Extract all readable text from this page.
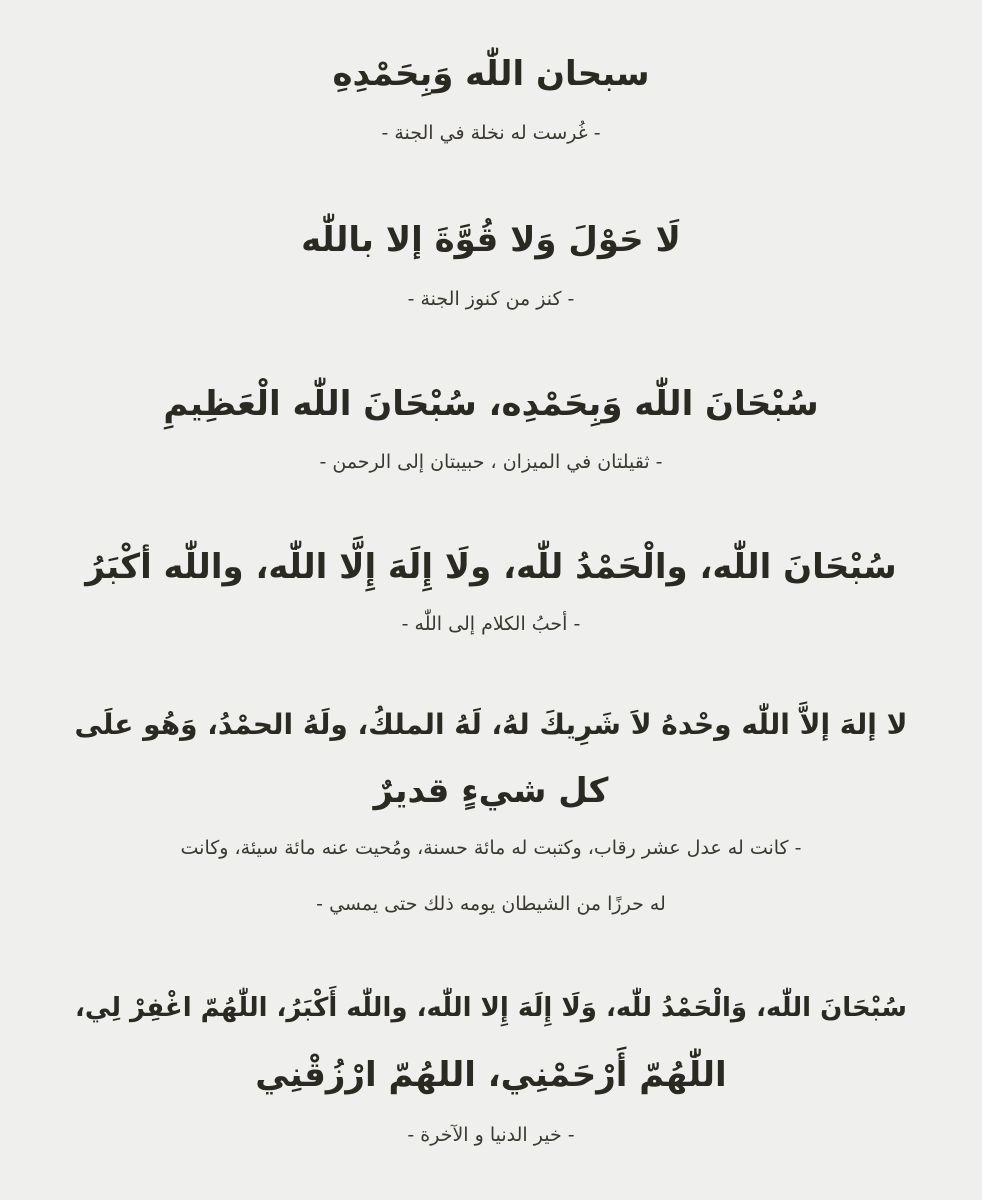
سبحان اللّٰه وَبِحَمْدِهِ
- غُرست له نخلة في الجنة -
لَا حَوْلَ وَلا قُوَّةَ إلا باللّٰه
- كنز من كنوز الجنة -
سُبْحَانَ اللّٰه وَبِحَمْدِه، سُبْحَانَ اللّٰه الْعَظِيمِ
- ثقيلتان في الميزان ، حبيبتان إلى الرحمن -
سُبْحَانَ اللّٰه، والْحَمْدُ للّٰه، ولَا إِلَهَ إِلَّا اللّٰه، واللّٰه أكْبَرُ
- أحبُ الكلام إلى اللّٰه -
لا إلهَ إلاَّ اللّٰه وحْدهُ لاَ شَرِيكَ لهُ، لَهُ الملكُ، ولَهُ الحمْدُ، وَهُو علَى
كل شيءٍ قديرٌ
- كانت له عدل عشر رقاب، وكتبت له مائة حسنة، ومُحيت عنه مائة سيئة، وكانت
له حرزًا من الشيطان يومه ذلك حتى يمسي -
سُبْحَانَ اللّٰه، وَالْحَمْدُ للّٰه، وَلَا إِلَهَ إِلا اللّٰه، واللّٰه أَكْبَرُ، اللّٰهُمّ اغْفِرْ لِي،
اللّٰهُمّ أَرْحَمْنِي، اللهُمّ ارْزُقْنِي
- خير الدنيا و الآخرة -
